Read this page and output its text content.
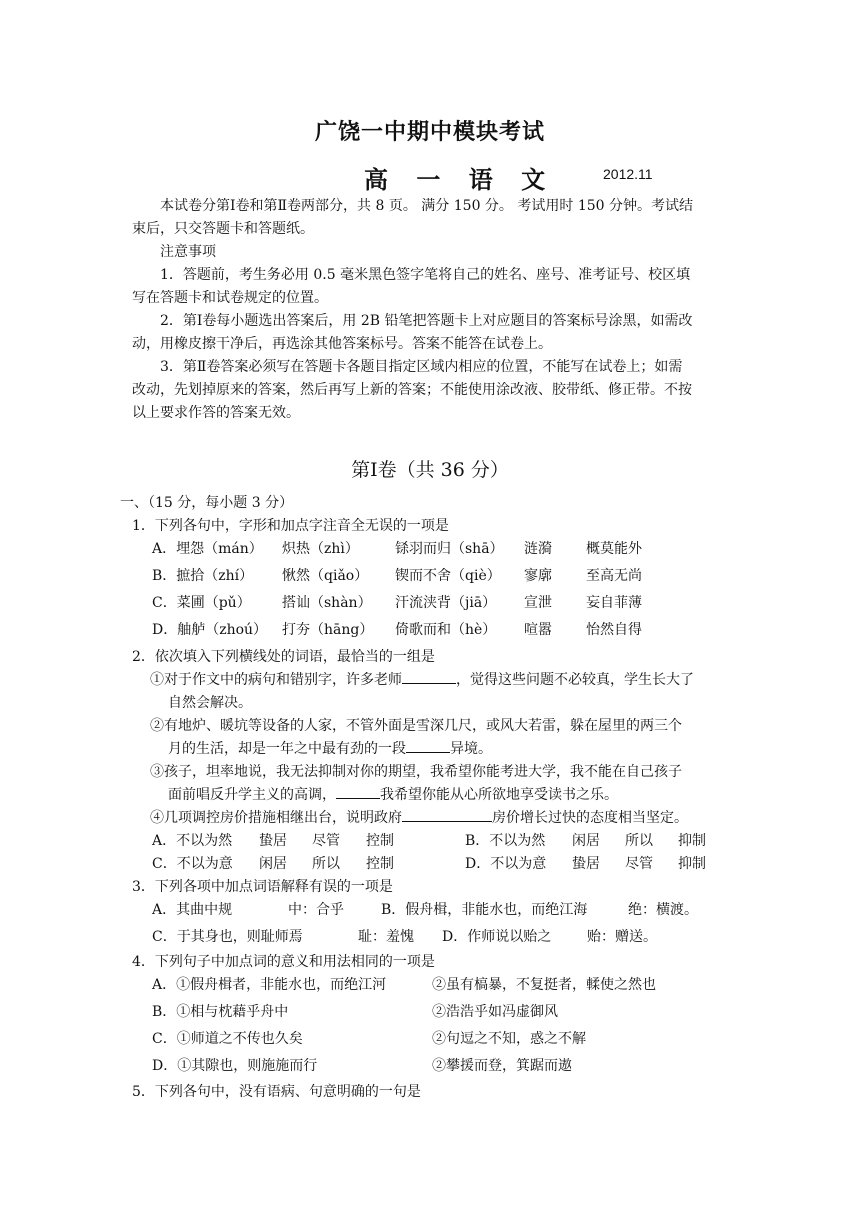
广饶一中期中模块考试
高 一 语 文	2012.11
本试卷分第Ⅰ卷和第Ⅱ卷两部分，共 8 页。 满分 150 分。 考试用时 150 分钟。考试结
束后，只交答题卡和答题纸。
注意事项
1．答题前，考生务必用 0.5 毫米黑色签字笔将自己的姓名、座号、准考证号、校区填
写在答题卡和试卷规定的位置。
2．第Ⅰ卷每小题选出答案后，用 2B 铅笔把答题卡上对应题目的答案标号涂黑，如需改
动，用橡皮擦干净后，再选涂其他答案标号。答案不能答在试卷上。
3．第Ⅱ卷答案必须写在答题卡各题目指定区域内相应的位置，不能写在试卷上；如需
改动，先划掉原来的答案，然后再写上新的答案；不能使用涂改液、胶带纸、修正带。不按
以上要求作答的答案无效。
第Ⅰ卷（共 36 分）
一、（15 分，每小题 3 分）
1．下列各句中，字形和加点字注音全无误的一项是
A．埋怨（mán） 炽热（zhì）	铩羽而归（shā） 涟漪 概莫能外
B．摭拾（zhí） 愀然（qiǎo） 锲而不舍（qiè） 寥廓 至高无尚
C．菜圃（pǔ） 搭讪（shàn） 汗流浃背（jiā） 宣泄 妄自菲薄
D．舳舻（zhoú） 打夯（hāng） 倚歌而和（hè） 喧嚣 怡然自得
2．依次填入下列横线处的词语，最恰当的一组是
①对于作文中的病句和错别字，许多老师	，觉得这些问题不必较真，学生长大了
自然会解决。
②有地炉、暖坑等设备的人家，不管外面是雪深几尺，或风大若雷，躲在屋里的两三个
月的生活，却是一年之中最有劲的一段	异境。
③孩子，坦率地说，我无法抑制对你的期望，我希望你能考进大学，我不能在自己孩子
面前唱反升学主义的高调，	我希望你能从心所欲地享受读书之乐。
④几项调控房价措施相继出台，说明政府	房价增长过快的态度相当坚定。
A．不以为然 蛰居 尽管 控制	B．不以为然 闲居 所以 抑制
C．不以为意 闲居 所以 控制	D．不以为意 蛰居 尽管 抑制
3．下列各项中加点词语解释有误的一项是
A．其曲中规	中：合乎	B．假舟楫，非能水也，而绝江海	绝：横渡。
C．于其身也，则耻师焉	耻：羞愧 D．作师说以贻之	贻：赠送。
4．下列句子中加点词的意义和用法相同的一项是
A．①假舟楫者，非能水也，而绝江河	②虽有槁暴，不复挺者，輮使之然也
B．①相与枕藉乎舟中	②浩浩乎如冯虚御风
C．①师道之不传也久矣	②句逗之不知，惑之不解
D．①其隙也，则施施而行	②攀援而登，箕踞而遨
5．下列各句中，没有语病、句意明确的一句是
